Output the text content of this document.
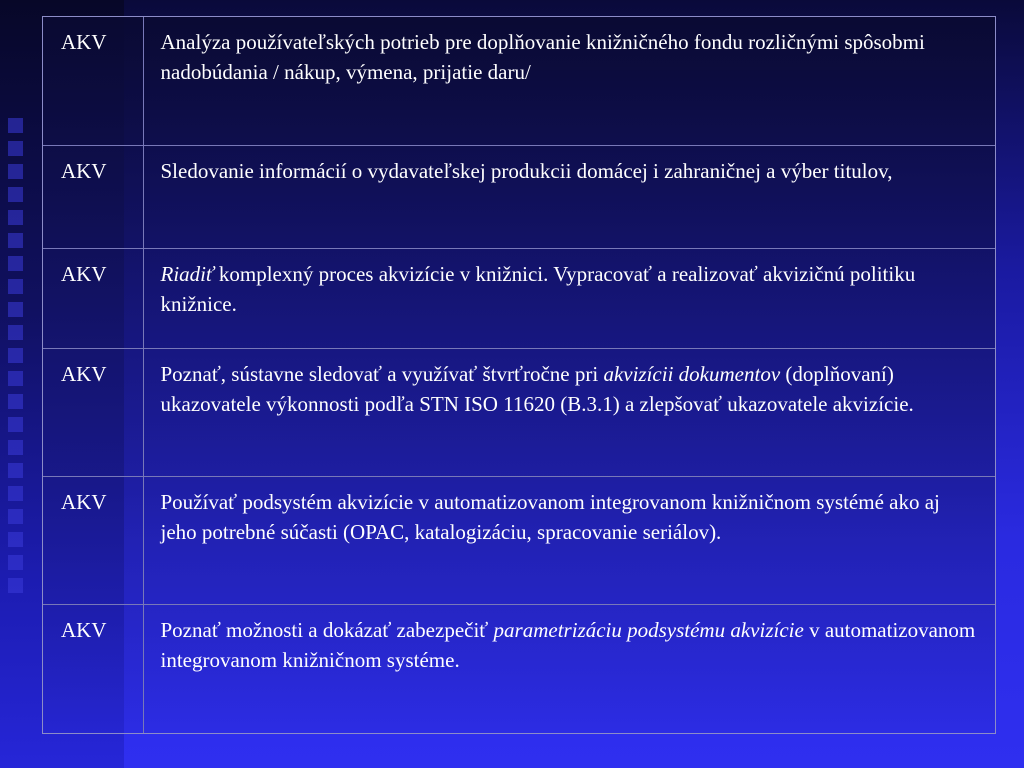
AKV	Analýza používateľských potrieb pre doplňovanie knižničného fondu rozličnými spôsobmi nadobúdania / nákup, výmena, prijatie daru/
AKV	Sledovanie informácií o vydavateľskej produkcii domácej i zahraničnej a výber titulov,
AKV	Riadiť komplexný proces akvizície v knižnici. Vypracovať a realizovať akvizičnú politiku knižnice.
AKV	Poznať, sústavne sledovať a využívať štvrťročne pri akvizícii dokumentov (doplňovaní) ukazovatele výkonnosti podľa STN ISO 11620 (B.3.1) a zlepšovať ukazovatele akvizície.
AKV	Používať podsystém akvizície v automatizovanom integrovanom knižničnom systémé ako aj jeho potrebné súčasti (OPAC, katalogizáciu, spracovanie seriálov).
AKV	Poznať možnosti a dokázať zabezpečiť parametrizáciu podsystému akvizície v automatizovanom integrovanom knižničnom systéme.
